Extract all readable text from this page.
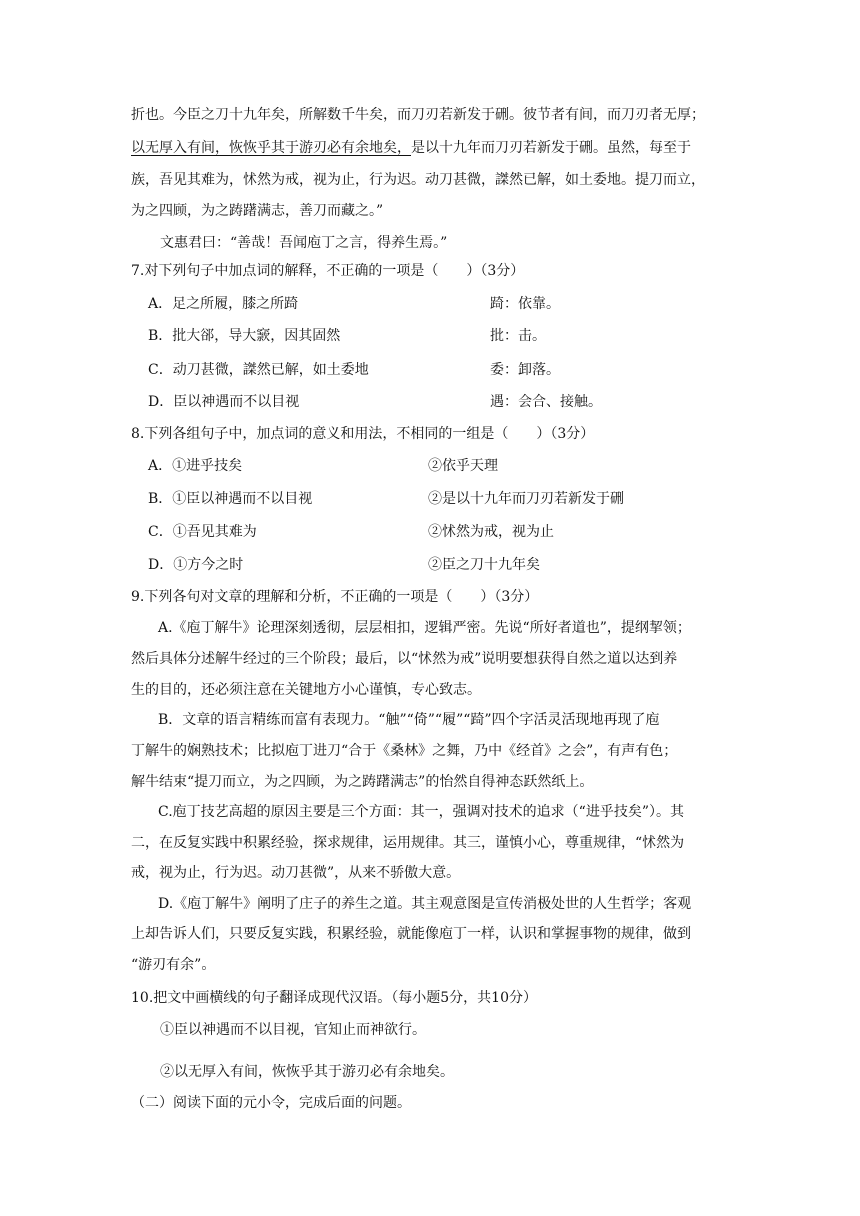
折也。今臣之刀十九年矣，所解数千牛矣，而刀刃若新发于硎。彼节者有间，而刀刃者无厚；
以无厚入有间，恢恢乎其于游刃必有余地矣，是以十九年而刀刃若新发于硎。虽然，每至于
族，吾见其难为，怵然为戒，视为止，行为迟。动刀甚微，謋然已解，如土委地。提刀而立，
为之四顾，为之踌躇满志，善刀而藏之。”
文惠君曰：“善哉！吾闻庖丁之言，得养生焉。”
7.对下列句子中加点词的解释，不正确的一项是（　　）（3分）
A．足之所履，膝之所踦	踦：依靠。
B．批大郤，导大窾，因其固然	批：击。
C．动刀甚微，謋然已解，如土委地	委：卸落。
D．臣以神遇而不以目视	遇：会合、接触。
8.下列各组句子中，加点词的意义和用法，不相同的一组是（　　）（3分）
A．①进乎技矣	②依乎天理
B．①臣以神遇而不以目视	②是以十九年而刀刃若新发于硎
C．①吾见其难为	②怵然为戒，视为止
D．①方今之时	②臣之刀十九年矣
9.下列各句对文章的理解和分析，不正确的一项是（　　）（3分）
A.《庖丁解牛》论理深刻透彻，层层相扣，逻辑严密。先说“所好者道也”，提纲挈领；
然后具体分述解牛经过的三个阶段；最后，以“怵然为戒”说明要想获得自然之道以达到养
生的目的，还必须注意在关键地方小心谨慎，专心致志。
B．文章的语言精练而富有表现力。“触”“倚”“履”“踦”四个字活灵活现地再现了庖
丁解牛的娴熟技术；比拟庖丁进刀“合于《桑林》之舞，乃中《经首》之会”，有声有色；
解牛结束“提刀而立，为之四顾，为之踌躇满志”的怡然自得神态跃然纸上。
C.庖丁技艺高超的原因主要是三个方面：其一，强调对技术的追求（“进乎技矣”）。其
二，在反复实践中积累经验，探求规律，运用规律。其三，谨慎小心，尊重规律，“怵然为
戒，视为止，行为迟。动刀甚微”，从来不骄傲大意。
D.《庖丁解牛》阐明了庄子的养生之道。其主观意图是宣传消极处世的人生哲学；客观
上却告诉人们，只要反复实践，积累经验，就能像庖丁一样，认识和掌握事物的规律，做到
“游刃有余”。
10.把文中画横线的句子翻译成现代汉语。（每小题5分，共10分）
①臣以神遇而不以目视，官知止而神欲行。
②以无厚入有间，恢恢乎其于游刃必有余地矣。
（二）阅读下面的元小令，完成后面的问题。
